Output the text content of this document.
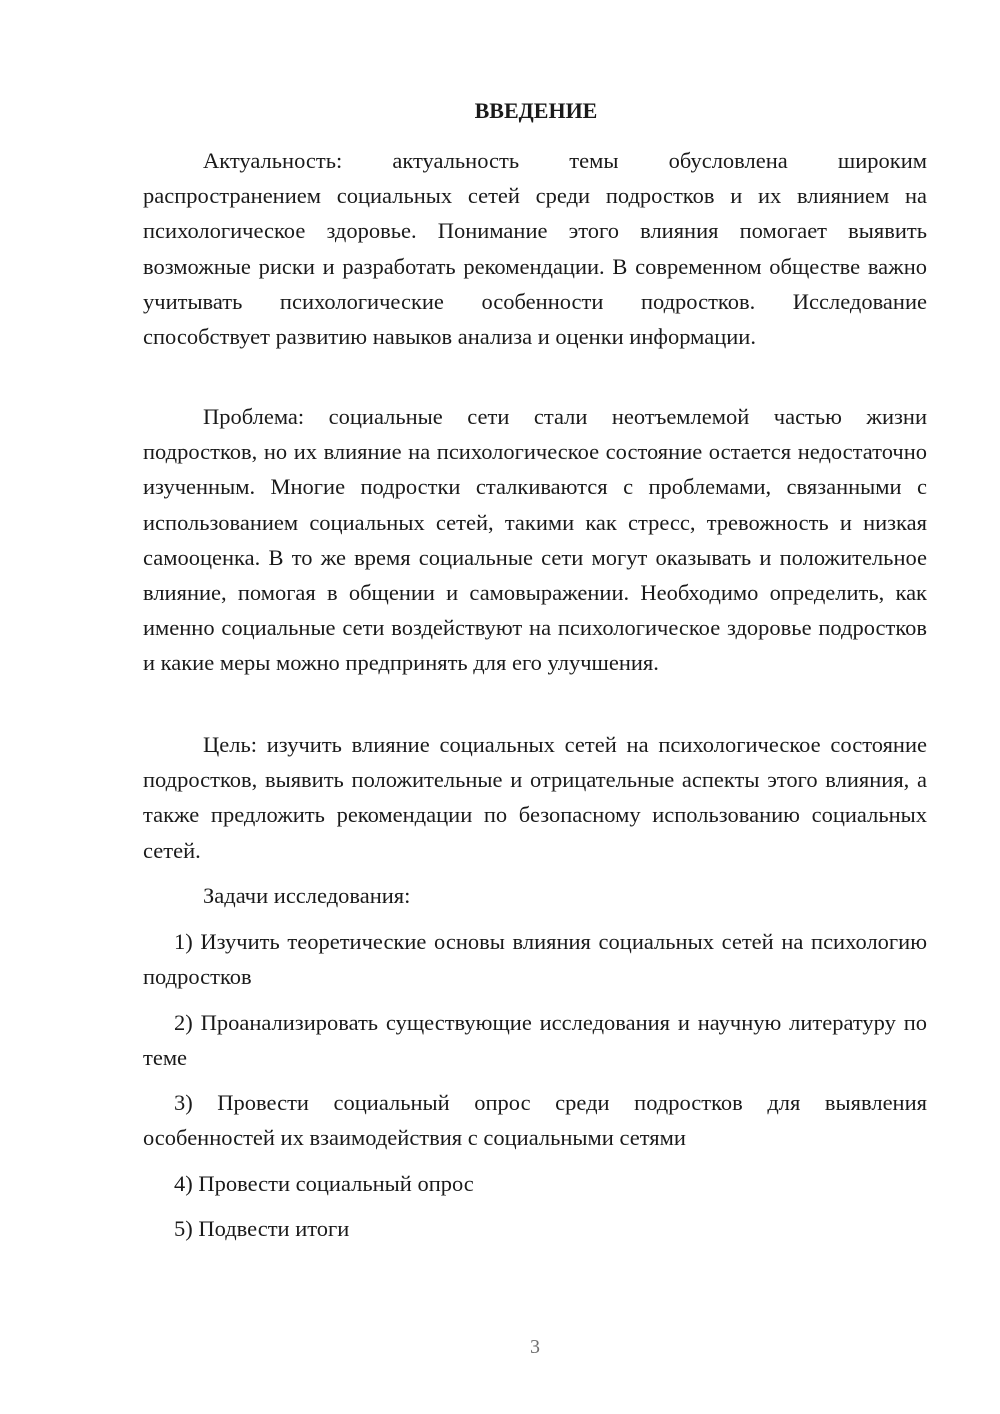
ВВЕДЕНИЕ

Актуальность: актуальность темы обусловлена широким распространением социальных сетей среди подростков и их влиянием на психологическое здоровье. Понимание этого влияния помогает выявить возможные риски и разработать рекомендации. В современном обществе важно учитывать психологические особенности подростков. Исследование способствует развитию навыков анализа и оценки информации.

Проблема: социальные сети стали неотъемлемой частью жизни подростков, но их влияние на психологическое состояние остается недостаточно изученным. Многие подростки сталкиваются с проблемами, связанными с использованием социальных сетей, такими как стресс, тревожность и низкая самооценка. В то же время социальные сети могут оказывать и положительное влияние, помогая в общении и самовыражении. Необходимо определить, как именно социальные сети воздействуют на психологическое здоровье подростков и какие меры можно предпринять для его улучшения.

Цель: изучить влияние социальных сетей на психологическое состояние подростков, выявить положительные и отрицательные аспекты этого влияния, а также предложить рекомендации по безопасному использованию социальных сетей.

Задачи исследования:

1) Изучить теоретические основы влияния социальных сетей на психологию подростков

2) Проанализировать существующие исследования и научную литературу по теме

3) Провести социальный опрос среди подростков для выявления особенностей их взаимодействия с социальными сетями

4) Провести социальный опрос

5) Подвести итоги

3
